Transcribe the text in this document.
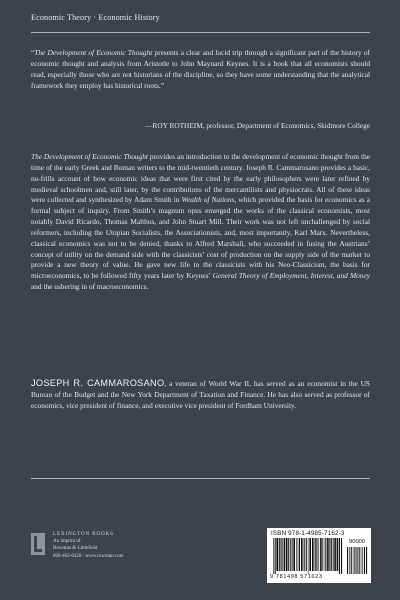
Economic Theory · Economic History

“The Development of Economic Thought presents a clear and lucid trip through a significant part of the history of economic thought and analysis from Aristotle to John Maynard Keynes. It is a book that all economists should read, especially those who are not historians of the discipline, so they have some understanding that the analytical framework they employ has historical roots.”

—ROY ROTHEIM, professor, Department of Economics, Skidmore College

The Development of Economic Thought provides an introduction to the development of economic thought from the time of the early Greek and Roman writers to the mid-twentieth century. Joseph R. Cammarosano provides a basic, no-frills account of how economic ideas that were first cited by the early philosophers were later refined by medieval schoolmen and, still later, by the contributions of the mercantilists and physiocrats. All of these ideas were collected and synthesized by Adam Smith in Wealth of Nations, which provided the basis for economics as a formal subject of inquiry. From Smith’s magnum opus emerged the works of the classical economists, most notably David Ricardo, Thomas Malthus, and John Stuart Mill. Their work was not left unchallenged by social reformers, including the Utopian Socialists, the Associationists, and, most importantly, Karl Marx. Nevertheless, classical economics was not to be denied, thanks to Alfred Marshall, who succeeded in fusing the Austrians’ concept of utility on the demand side with the classicists’ cost of production on the supply side of the market to provide a new theory of value. He gave new life to the classicists with his Neo-Classicism, the basis for microeconomics, to be followed fifty years later by Keynes’ General Theory of Employment, Interest, and Money and the ushering in of macroeconomics.

JOSEPH R. CAMMAROSANO, a veteran of World War II, has served as an economist in the US Bureau of the Budget and the New York Department of Taxation and Finance. He has also served as professor of economics, vice president of finance, and executive vice president of Fordham University.

LEXINGTON BOOKS
An imprint of
Rowman & Littlefield
800-462-6420 · www.rowman.com
ISBN 978-1-4985-7162-3
90000
9 781498 571623
